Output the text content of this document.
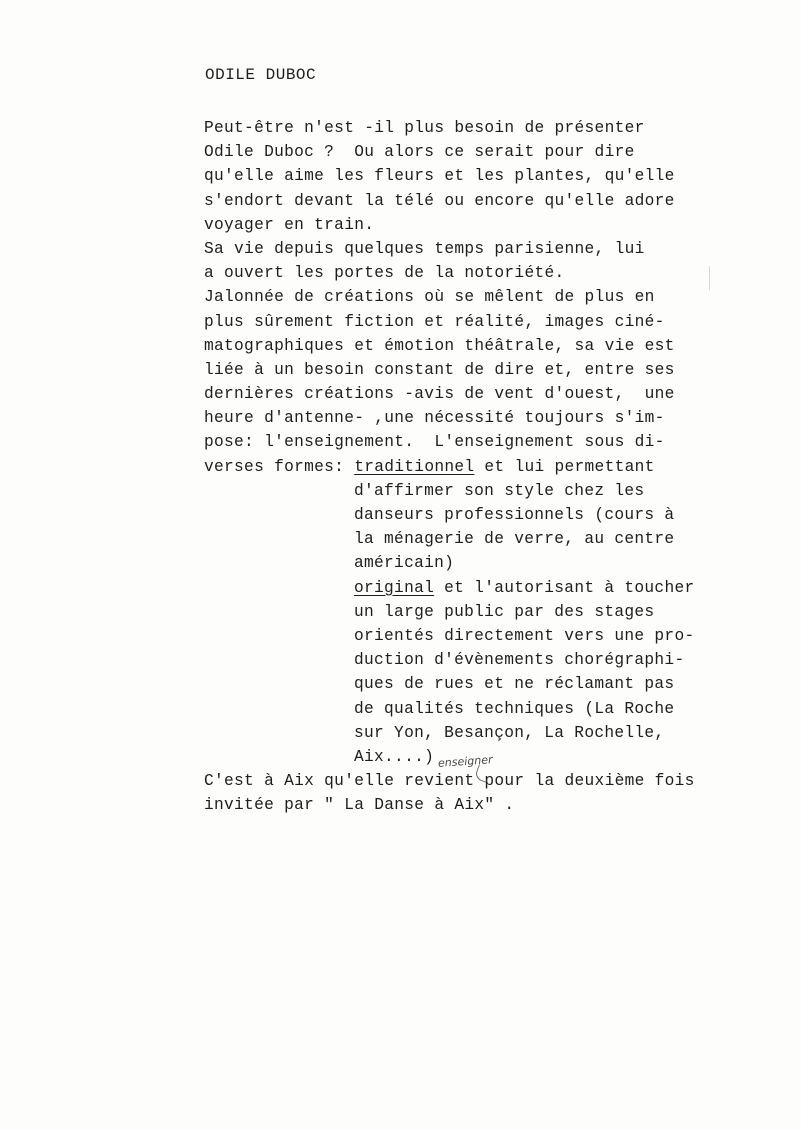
ODILE DUBOC
Peut-être n'est -il plus besoin de présenter
Odile Duboc ?  Ou alors ce serait pour dire
qu'elle aime les fleurs et les plantes, qu'elle
s'endort devant la télé ou encore qu'elle adore
voyager en train.
Sa vie depuis quelques temps parisienne, lui
a ouvert les portes de la notoriété.
Jalonnée de créations où se mêlent de plus en
plus sûrement fiction et réalité, images ciné-
matographiques et émotion théâtrale, sa vie est
liée à un besoin constant de dire et, entre ses
dernières créations -avis de vent d'ouest,  une
heure d'antenne- ,une nécessité toujours s'im-
pose: l'enseignement.  L'enseignement sous di-
verses formes: traditionnel et lui permettant
d'affirmer son style chez les
danseurs professionnels (cours à
la ménagerie de verre, au centre
américain)
original et l'autorisant à toucher
un large public par des stages
orientés directement vers une pro-
duction d'évènements chorégraphi-
ques de rues et ne réclamant pas
de qualités techniques (La Roche
sur Yon, Besançon, La Rochelle,
Aix....)
C'est à Aix qu'elle revient pour la deuxième fois
invitée par " La Danse à Aix" .
enseigner
